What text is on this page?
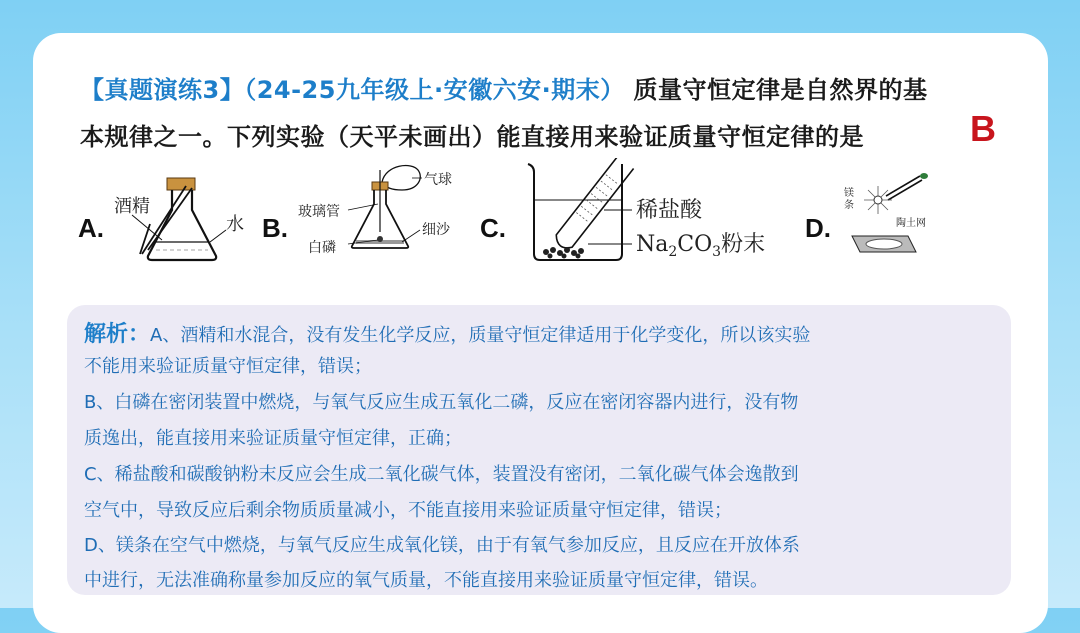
【真题演练3】（24-25九年级上·安徽六安·期末） 质量守恒定律是自然界的基
本规律之一。下列实验（天平未画出）能直接用来验证质量守恒定律的是	B
A.
酒精
水 B.
气球
玻璃管
白磷
细沙 C.
稀盐酸
$Na_2CO_3$粉末
D.
镁条
陶土网
解析：A、酒精和水混合，没有发生化学反应，质量守恒定律适用于化学变化，所以该实验
不能用来验证质量守恒定律，错误；
B、白磷在密闭装置中燃烧，与氧气反应生成五氧化二磷，反应在密闭容器内进行，没有物
质逸出，能直接用来验证质量守恒定律，正确；
C、稀盐酸和碳酸钠粉末反应会生成二氧化碳气体，装置没有密闭，二氧化碳气体会逸散到
空气中，导致反应后剩余物质质量减小，不能直接用来验证质量守恒定律，错误；
D、镁条在空气中燃烧，与氧气反应生成氧化镁，由于有氧气参加反应，且反应在开放体系
中进行，无法准确称量参加反应的氧气质量，不能直接用来验证质量守恒定律，错误。
